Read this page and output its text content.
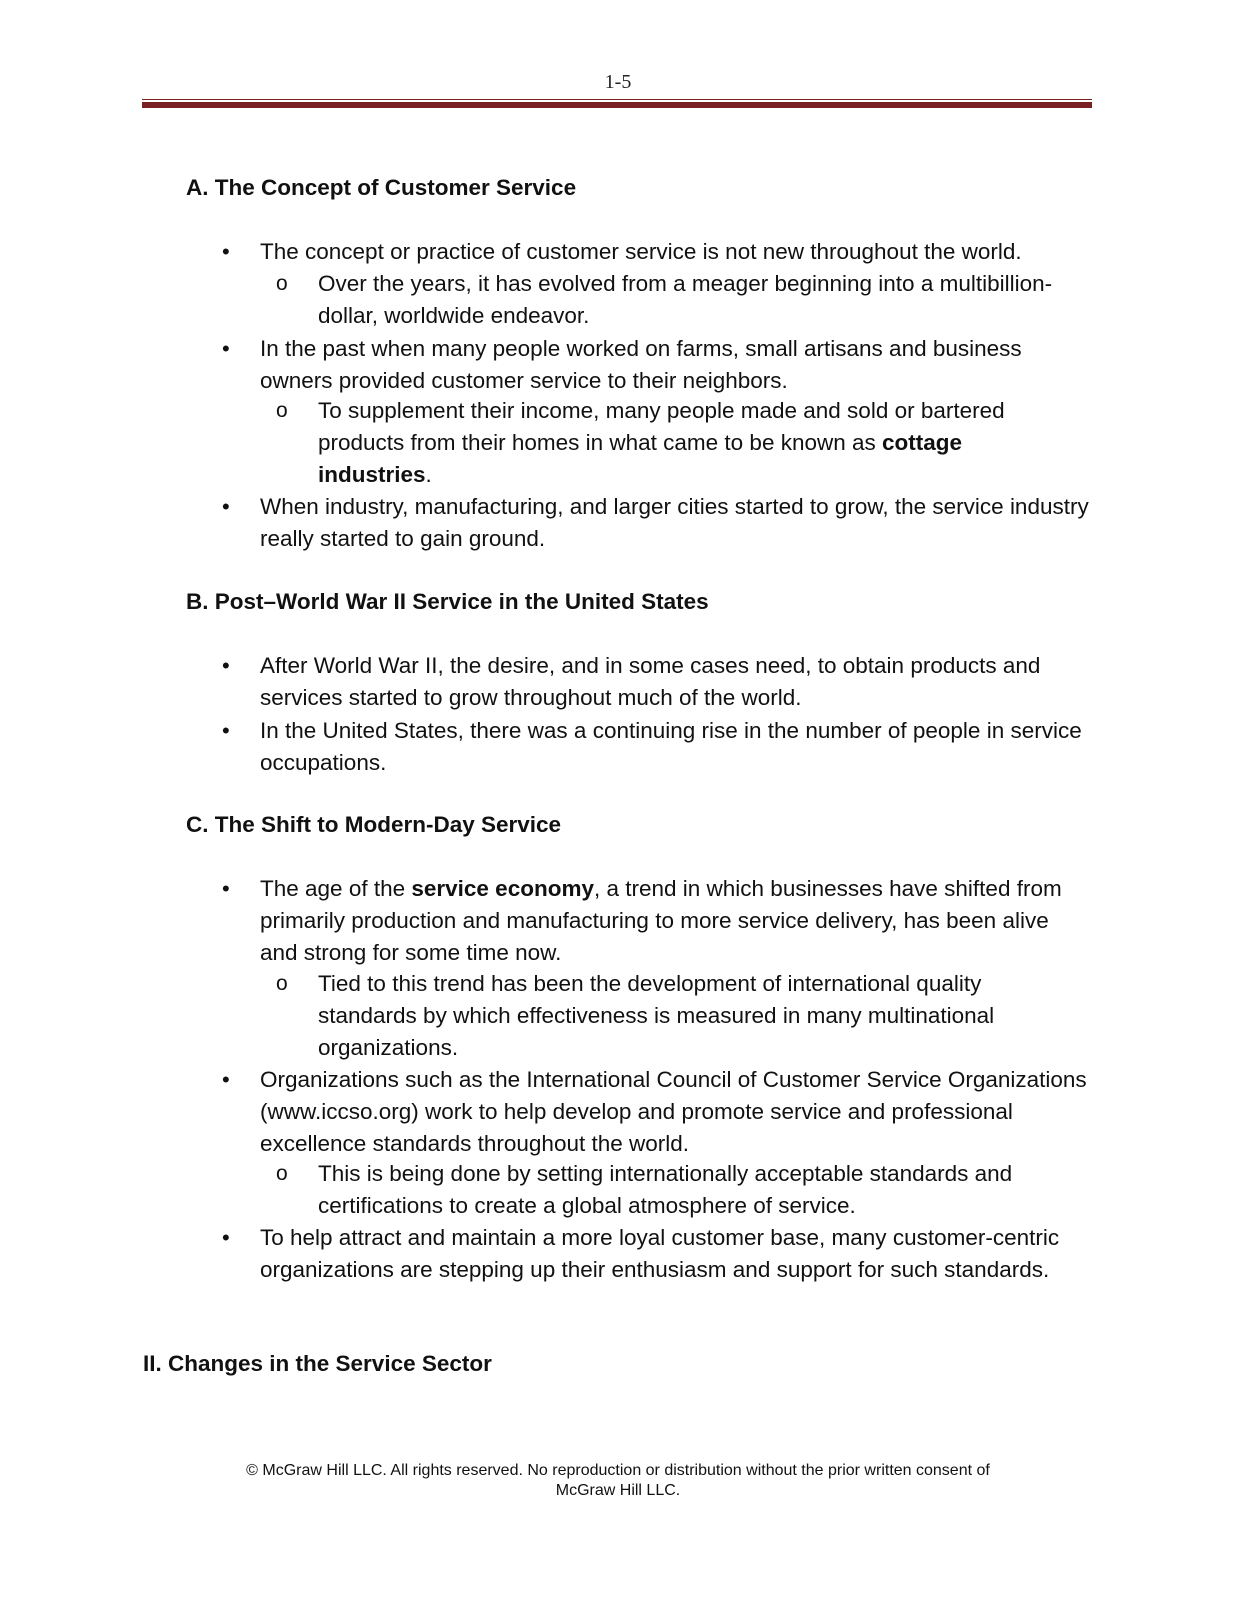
1-5
A. The Concept of Customer Service
• The concept or practice of customer service is not new throughout the world.
o Over the years, it has evolved from a meager beginning into a multibillion-dollar, worldwide endeavor.
• In the past when many people worked on farms, small artisans and business owners provided customer service to their neighbors.
o To supplement their income, many people made and sold or bartered products from their homes in what came to be known as cottage industries.
• When industry, manufacturing, and larger cities started to grow, the service industry really started to gain ground.
B. Post–World War II Service in the United States
• After World War II, the desire, and in some cases need, to obtain products and services started to grow throughout much of the world.
• In the United States, there was a continuing rise in the number of people in service occupations.
C. The Shift to Modern-Day Service
• The age of the service economy, a trend in which businesses have shifted from primarily production and manufacturing to more service delivery, has been alive and strong for some time now.
o Tied to this trend has been the development of international quality standards by which effectiveness is measured in many multinational organizations.
• Organizations such as the International Council of Customer Service Organizations (www.iccso.org) work to help develop and promote service and professional excellence standards throughout the world.
o This is being done by setting internationally acceptable standards and certifications to create a global atmosphere of service.
• To help attract and maintain a more loyal customer base, many customer-centric organizations are stepping up their enthusiasm and support for such standards.
II. Changes in the Service Sector
© McGraw Hill LLC. All rights reserved. No reproduction or distribution without the prior written consent of
McGraw Hill LLC.
